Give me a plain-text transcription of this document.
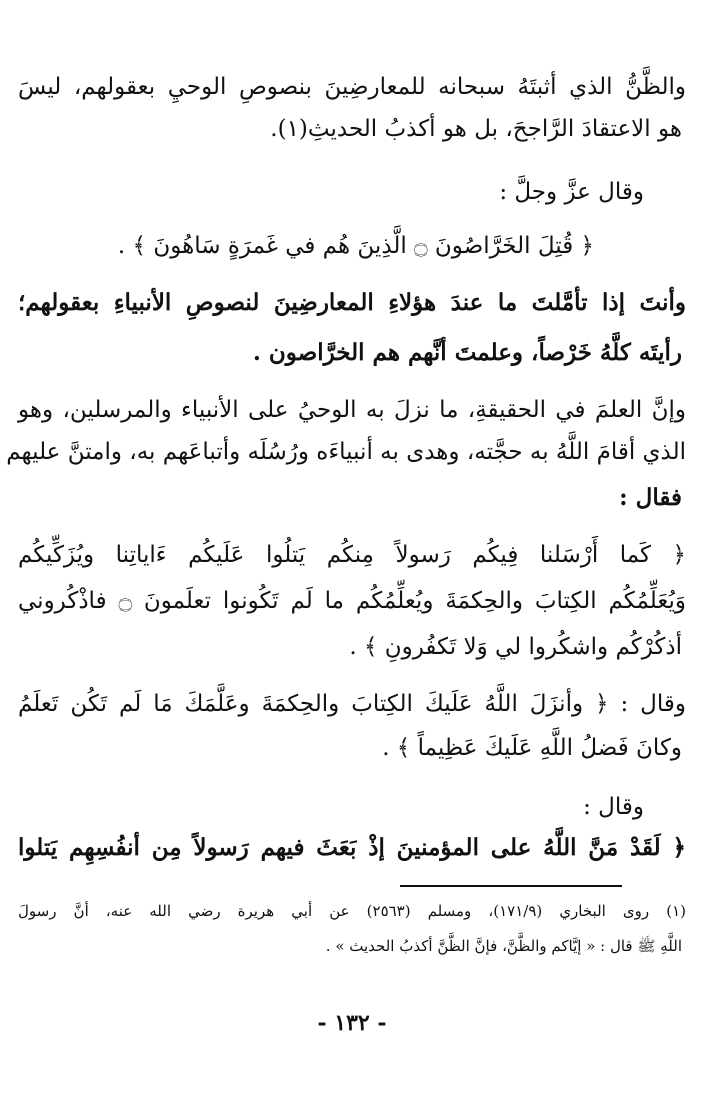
والظَّنُّ الذي أثبتَهُ سبحانه للمعارضِينَ بنصوصِ الوحيِ بعقولهم، ليسَ
هو الاعتقادَ الرَّاجحَ، بل هو أكذبُ الحديثِ(١).
وقال عزَّ وجلَّ :
﴿ قُتِلَ الخَرَّاصُونَ ۝ الَّذِينَ هُم في غَمرَةٍ سَاهُونَ ﴾ .
وأنتَ إذا تأمَّلتَ ما عندَ هؤلاءِ المعارضِينَ لنصوصِ الأنبياءِ بعقولهم؛
رأيتَه كلَّهُ خَرْصاً، وعلمتَ أنَّهم هم الخرَّاصون .
وإنَّ العلمَ في الحقيقةِ، ما نزلَ به الوحيُ على الأنبياء والمرسلين، وهو
الذي أقامَ اللَّهُ به حجَّته، وهدى به أنبياءَه ورُسُلَه وأتباعَهم به، وامتنَّ عليهم
فقال :
﴿ كَما أَرْسَلنا فِيكُم رَسولاً مِنكُم يَتلُوا عَلَيكُم ءَاياتِنا ويُزَكِّيكُم
وَيُعَلِّمُكُم الكِتابَ والحِكمَةَ ويُعلِّمُكُم ما لَم تَكُونوا تعلَمونَ ۝ فاذْكُروني
أذكُرْكُم واشكُروا لي وَلا تَكفُرونِ ﴾ .
وقال : ﴿ وأنزَلَ اللَّهُ عَلَيكَ الكِتابَ والحِكمَةَ وعَلَّمَكَ مَا لَم تَكُن تَعلَمُ
وكانَ فَضلُ اللَّهِ عَلَيكَ عَظِيماً ﴾ .
وقال :
﴿ لَقَدْ مَنَّ اللَّهُ على المؤمنينَ إذْ بَعَثَ فيهم رَسولاً مِن أنفُسِهِم يَتلوا
(١) روى البخاري (١٧١/٩)، ومسلم (٢٥٦٣) عن أبي هريرة رضي الله عنه، أنَّ رسولَ
اللَّهِ ﷺ قال : « إيَّاكم والظَّنَّ، فإنَّ الظَّنَّ أكذبُ الحديث » .
- ١٣٢ -
